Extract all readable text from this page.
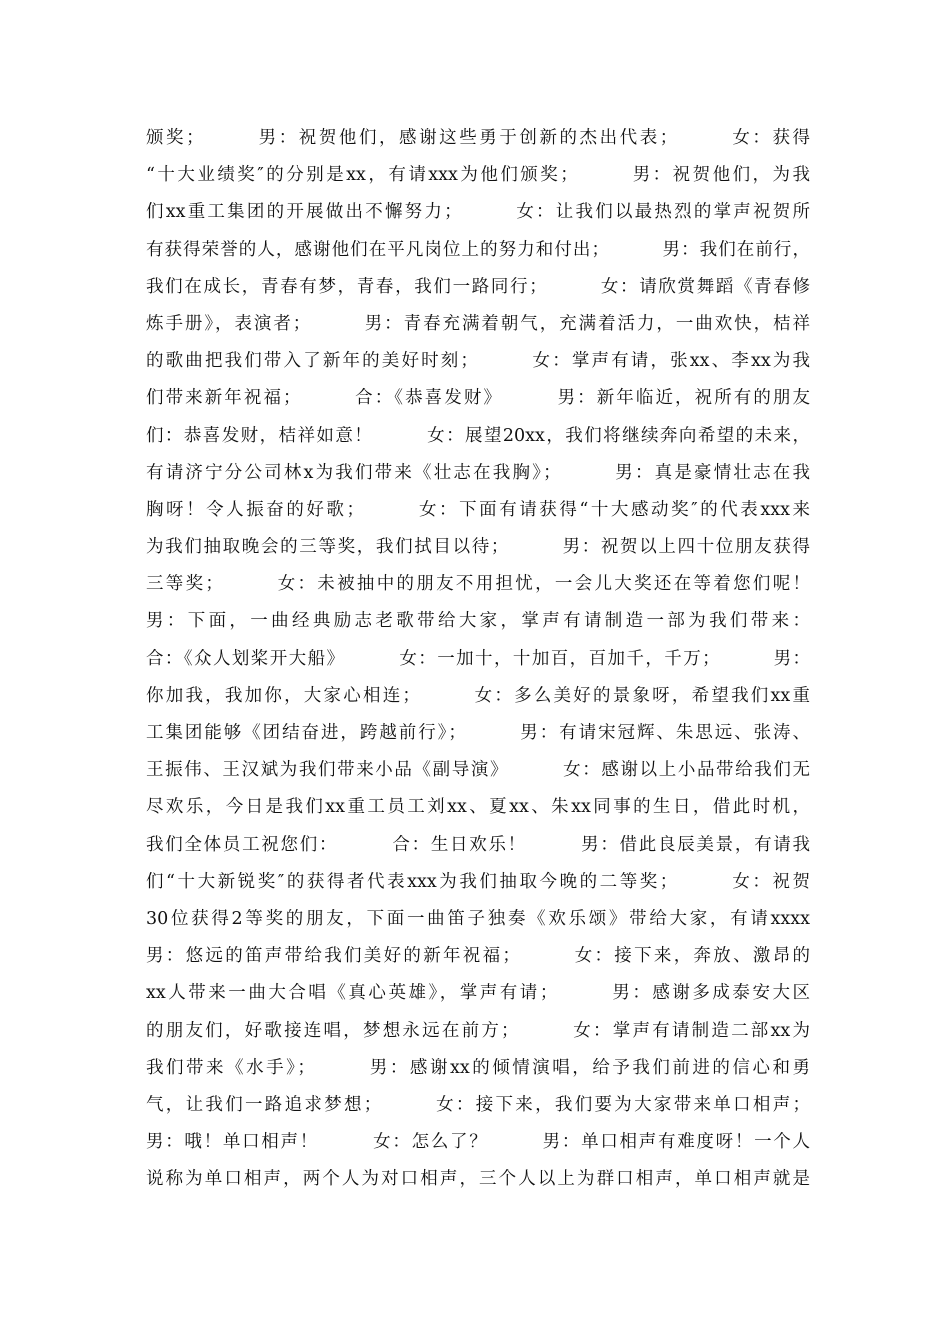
颁奖；   男：祝贺他们，感谢这些勇于创新的杰出代表；   女：获得
“十大业绩奖″的分别是xx，有请xxx为他们颁奖；   男：祝贺他们，为我
们xx重工集团的开展做出不懈努力；   女：让我们以最热烈的掌声祝贺所
有获得荣誉的人，感谢他们在平凡岗位上的努力和付出；   男：我们在前行，
我们在成长，青春有梦，青春，我们一路同行；   女：请欣赏舞蹈《青春修
炼手册》，表演者；   男：青春充满着朝气，充满着活力，一曲欢快，桔祥
的歌曲把我们带入了新年的美好时刻；   女：掌声有请，张xx、李xx为我
们带来新年祝福；   合：《恭喜发财》   男：新年临近，祝所有的朋友
们：恭喜发财，桔祥如意！   女：展望20xx，我们将继续奔向希望的未来，
有请济宁分公司林x为我们带来《壮志在我胸》；   男：真是豪情壮志在我
胸呀！令人振奋的好歌；   女：下面有请获得“十大感动奖″的代表xxx来
为我们抽取晚会的三等奖，我们拭目以待；   男：祝贺以上四十位朋友获得
三等奖；   女：未被抽中的朋友不用担忧，一会儿大奖还在等着您们呢！
男：下面，一曲经典励志老歌带给大家，掌声有请制造一部为我们带来：
合：《众人划桨开大船》   女：一加十，十加百，百加千，千万；   男：
你加我，我加你，大家心相连；   女：多么美好的景象呀，希望我们xx重
工集团能够《团结奋进，跨越前行》；   男：有请宋冠辉、朱思远、张涛、
王振伟、王汉斌为我们带来小品《副导演》   女：感谢以上小品带给我们无
尽欢乐，今日是我们xx重工员工刘xx、夏xx、朱xx同事的生日，借此时机，
我们全体员工祝您们：   合：生日欢乐！   男：借此良辰美景，有请我
们“十大新锐奖″的获得者代表xxx为我们抽取今晚的二等奖；   女：祝贺
30位获得2等奖的朋友，下面一曲笛子独奏《欢乐颂》带给大家，有请xxxx
男：悠远的笛声带给我们美好的新年祝福；   女：接下来，奔放、激昂的
xx人带来一曲大合唱《真心英雄》，掌声有请；   男：感谢多成泰安大区
的朋友们，好歌接连唱，梦想永远在前方；   女：掌声有请制造二部xx为
我们带来《水手》；   男：感谢xx的倾情演唱，给予我们前进的信心和勇
气，让我们一路追求梦想；   女：接下来，我们要为大家带来单口相声；
男：哦！单口相声！   女：怎么了？   男：单口相声有难度呀！一个人
说称为单口相声，两个人为对口相声，三个人以上为群口相声，单口相声就是
